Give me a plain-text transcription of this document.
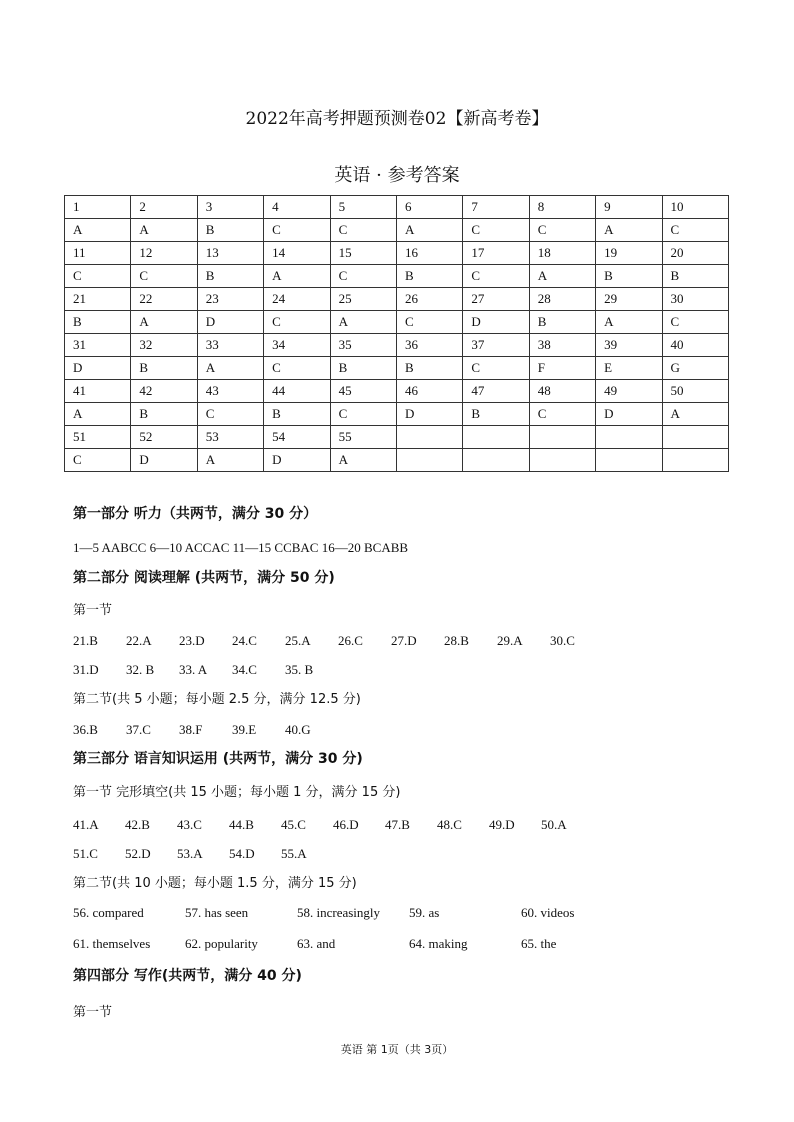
2022年高考押题预测卷02【新高考卷】
英语 · 参考答案
1	2	3	4	5	6	7	8	9	10
A	A	B	C	C	A	C	C	A	C
11	12	13	14	15	16	17	18	19	20
C	C	B	A	C	B	C	A	B	B
21	22	23	24	25	26	27	28	29	30
B	A	D	C	A	C	D	B	A	C
31	32	33	34	35	36	37	38	39	40
D	B	A	C	B	B	C	F	E	G
41	42	43	44	45	46	47	48	49	50
A	B	C	B	C	D	B	C	D	A
51	52	53	54	55					
C	D	A	D	A					
第一部分 听力（共两节，满分 30 分）
1—5 AABCC 6—10 ACCAC 11—15 CCBAC 16—20 BCABB
第二部分 阅读理解 (共两节，满分 50 分)
第一节
21.B 22.A 23.D 24.C 25.A 26.C 27.D 28.B 29.A 30.C
31.D 32. B 33. A 34.C 35. B
第二节(共 5 小题；每小题 2.5 分，满分 12.5 分)
36.B 37.C 38.F 39.E 40.G
第三部分 语言知识运用 (共两节，满分 30 分)
第一节 完形填空(共 15 小题；每小题 1 分，满分 15 分)
41.A 42.B 43.C 44.B 45.C 46.D 47.B 48.C 49.D 50.A
51.C 52.D 53.A 54.D 55.A
第二节(共 10 小题；每小题 1.5 分，满分 15 分)
56. compared	57. has seen	58. increasingly 59. as	60. videos
61. themselves	62. popularity	63. and	64. making	65. the
第四部分 写作(共两节，满分 40 分)
第一节
英语 第 1页（共 3页）
